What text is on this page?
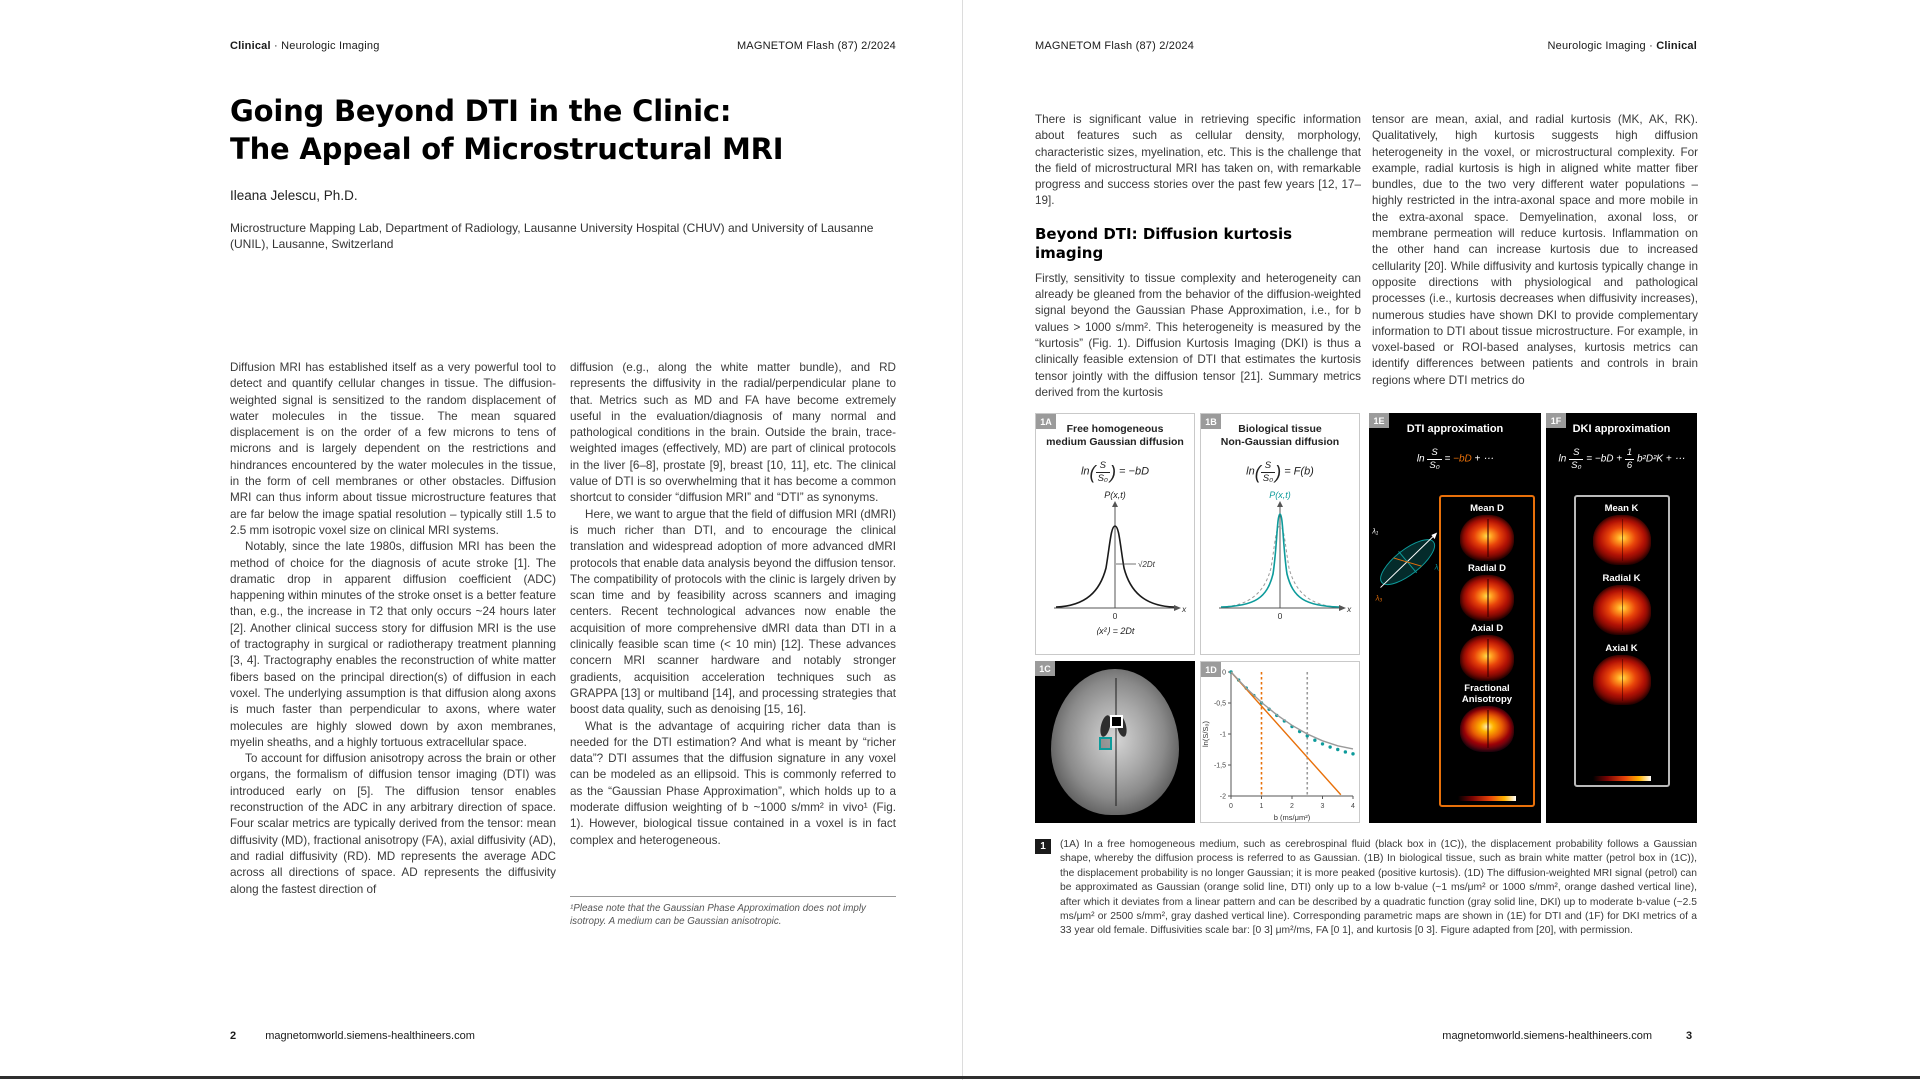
Clinical · Neurologic Imaging	MAGNETOM Flash (87) 2/2024
Going Beyond DTI in the Clinic:
The Appeal of Microstructural MRI
Ileana Jelescu, Ph.D.
Microstructure Mapping Lab, Department of Radiology, Lausanne University Hospital (CHUV) and University of Lausanne (UNIL), Lausanne, Switzerland

Diffusion MRI has established itself as a very powerful tool to detect and quantify cellular changes in tissue. The diffusion-weighted signal is sensitized to the random displacement of water molecules in the tissue. The mean squared displacement is on the order of a few microns to tens of microns and is largely dependent on the restrictions and hindrances encountered by the water molecules in the tissue, in the form of cell membranes or other obstacles. Diffusion MRI can thus inform about tissue microstructure features that are far below the image spatial resolution – typically still 1.5 to 2.5 mm isotropic voxel size on clinical MRI systems.

Notably, since the late 1980s, diffusion MRI has been the method of choice for the diagnosis of acute stroke [1]. The dramatic drop in apparent diffusion coefficient (ADC) happening within minutes of the stroke onset is a better feature than, e.g., the increase in T2 that only occurs ~24 hours later [2]. Another clinical success story for diffusion MRI is the use of tractography in surgical or radiotherapy treatment planning [3, 4]. Tractography enables the reconstruction of white matter fibers based on the principal direction(s) of diffusion in each voxel. The underlying assumption is that diffusion along axons is much faster than perpendicular to axons, where water molecules are highly slowed down by axon membranes, myelin sheaths, and a highly tortuous extracellular space.

To account for diffusion anisotropy across the brain or other organs, the formalism of diffusion tensor imaging (DTI) was introduced early on [5]. The diffusion tensor enables reconstruction of the ADC in any arbitrary direction of space. Four scalar metrics are typically derived from the tensor: mean diffusivity (MD), fractional anisotropy (FA), axial diffusivity (AD), and radial diffusivity (RD). MD represents the average ADC across all directions of space. AD represents the diffusivity along the fastest direction of

diffusion (e.g., along the white matter bundle), and RD represents the diffusivity in the radial/perpendicular plane to that. Metrics such as MD and FA have become extremely useful in the evaluation/diagnosis of many normal and pathological conditions in the brain. Outside the brain, trace-weighted images (effectively, MD) are part of clinical protocols in the liver [6–8], prostate [9], breast [10, 11], etc. The clinical value of DTI is so overwhelming that it has become a common shortcut to consider “diffusion MRI” and “DTI” as synonyms.

Here, we want to argue that the field of diffusion MRI (dMRI) is much richer than DTI, and to encourage the clinical translation and widespread adoption of more advanced dMRI protocols that enable data analysis beyond the diffusion tensor. The compatibility of protocols with the clinic is largely driven by scan time and by feasibility across scanners and imaging centers. Recent technological advances now enable the acquisition of more comprehensive dMRI data than DTI in a clinically feasible scan time (< 10 min) [12]. These advances concern MRI scanner hardware and notably stronger gradients, acquisition acceleration techniques such as GRAPPA [13] or multiband [14], and processing strategies that boost data quality, such as denoising [15, 16].

What is the advantage of acquiring richer data than is needed for the DTI estimation? And what is meant by “richer data”? DTI assumes that the diffusion signature in any voxel can be modeled as an ellipsoid. This is commonly referred to as the “Gaussian Phase Approximation”, which holds up to a moderate diffusion weighting of b ~1000 s/mm² in vivo¹ (Fig. 1). However, biological tissue contained in a voxel is in fact complex and heterogeneous.

¹Please note that the Gaussian Phase Approximation does not imply isotropy. A medium can be Gaussian anisotropic.
2	magnetomworld.siemens-healthineers.com
MAGNETOM Flash (87) 2/2024	Neurologic Imaging · Clinical

There is significant value in retrieving specific information about features such as cellular density, morphology, characteristic sizes, myelination, etc. This is the challenge that the field of microstructural MRI has taken on, with remarkable progress and success stories over the past few years [12, 17–19].

Beyond DTI: Diffusion kurtosis imaging

Firstly, sensitivity to tissue complexity and heterogeneity can already be gleaned from the behavior of the diffusion-weighted signal beyond the Gaussian Phase Approximation, i.e., for b values > 1000 s/mm². This heterogeneity is measured by the “kurtosis” (Fig. 1). Diffusion Kurtosis Imaging (DKI) is thus a clinically feasible extension of DTI that estimates the kurtosis tensor jointly with the diffusion tensor [21]. Summary metrics derived from the kurtosis

tensor are mean, axial, and radial kurtosis (MK, AK, RK). Qualitatively, high kurtosis suggests high diffusion heterogeneity in the voxel, or microstructural complexity. For example, radial kurtosis is high in aligned white matter fiber bundles, due to the two very different water populations – highly restricted in the intra-axonal space and more mobile in the extra-axonal space. Demyelination, axonal loss, or membrane permeation will reduce kurtosis. Inflammation on the other hand can increase kurtosis due to increased cellularity [20]. While diffusivity and kurtosis typically change in opposite directions with physiological and pathological processes (i.e., kurtosis decreases when diffusivity increases), numerous studies have shown DKI to provide complementary information to DTI about tissue microstructure. For example, in voxel-based or ROI-based analyses, kurtosis metrics can identify differences between patients and controls in brain regions where DTI metrics do

1A
Free homogeneous
medium Gaussian diffusion
$\ln( \frac{S}{\text{S₀}}$ ) = −bD
P(x,t)
√2Dt
0
x
⟨x²⟩ = 2Dt
1B
Biological tissue
Non-Gaussian diffusion
$\ln( \frac{S}{\text{S₀}}$ ) = F(b)
P(x,t)
0
x
1C	1D
0	1	2	3	4
0
-0,5
-1
-1,5
-2
ln(S/S₀)
b (ms/μm²)
1E
DTI approximation
$\ln \frac{S}{\text{S₀}} = -bD$ + ⋯
λ₁
λ₂
λ₃
Mean D
Radial D
Axial D
Fractional Anisotropy
1F
DKI approximation
$\ln \frac{S}{\text{S₀}} = -bD + \frac{1}{6} b^2D^2K$ + ⋯
Mean K
Radial K
Axial K
1	(1A) In a free homogeneous medium, such as cerebrospinal fluid (black box in (1C)), the displacement probability follows a Gaussian shape, whereby the diffusion process is referred to as Gaussian. (1B) In biological tissue, such as brain white matter (petrol box in (1C)), the displacement probability is no longer Gaussian; it is more peaked (positive kurtosis). (1D) The diffusion-weighted MRI signal (petrol) can be approximated as Gaussian (orange solid line, DTI) only up to a low b-value (~1 ms/μm² or 1000 s/mm², orange dashed vertical line), after which it deviates from a linear pattern and can be described by a quadratic function (gray solid line, DKI) up to moderate b-value (~2.5 ms/μm² or 2500 s/mm², gray dashed vertical line). Corresponding parametric maps are shown in (1E) for DTI and (1F) for DKI metrics of a 33 year old female. Diffusivities scale bar: [0 3] μm²/ms, FA [0 1], and kurtosis [0 3]. Figure adapted from [20], with permission.
magnetomworld.siemens-healthineers.com	3
